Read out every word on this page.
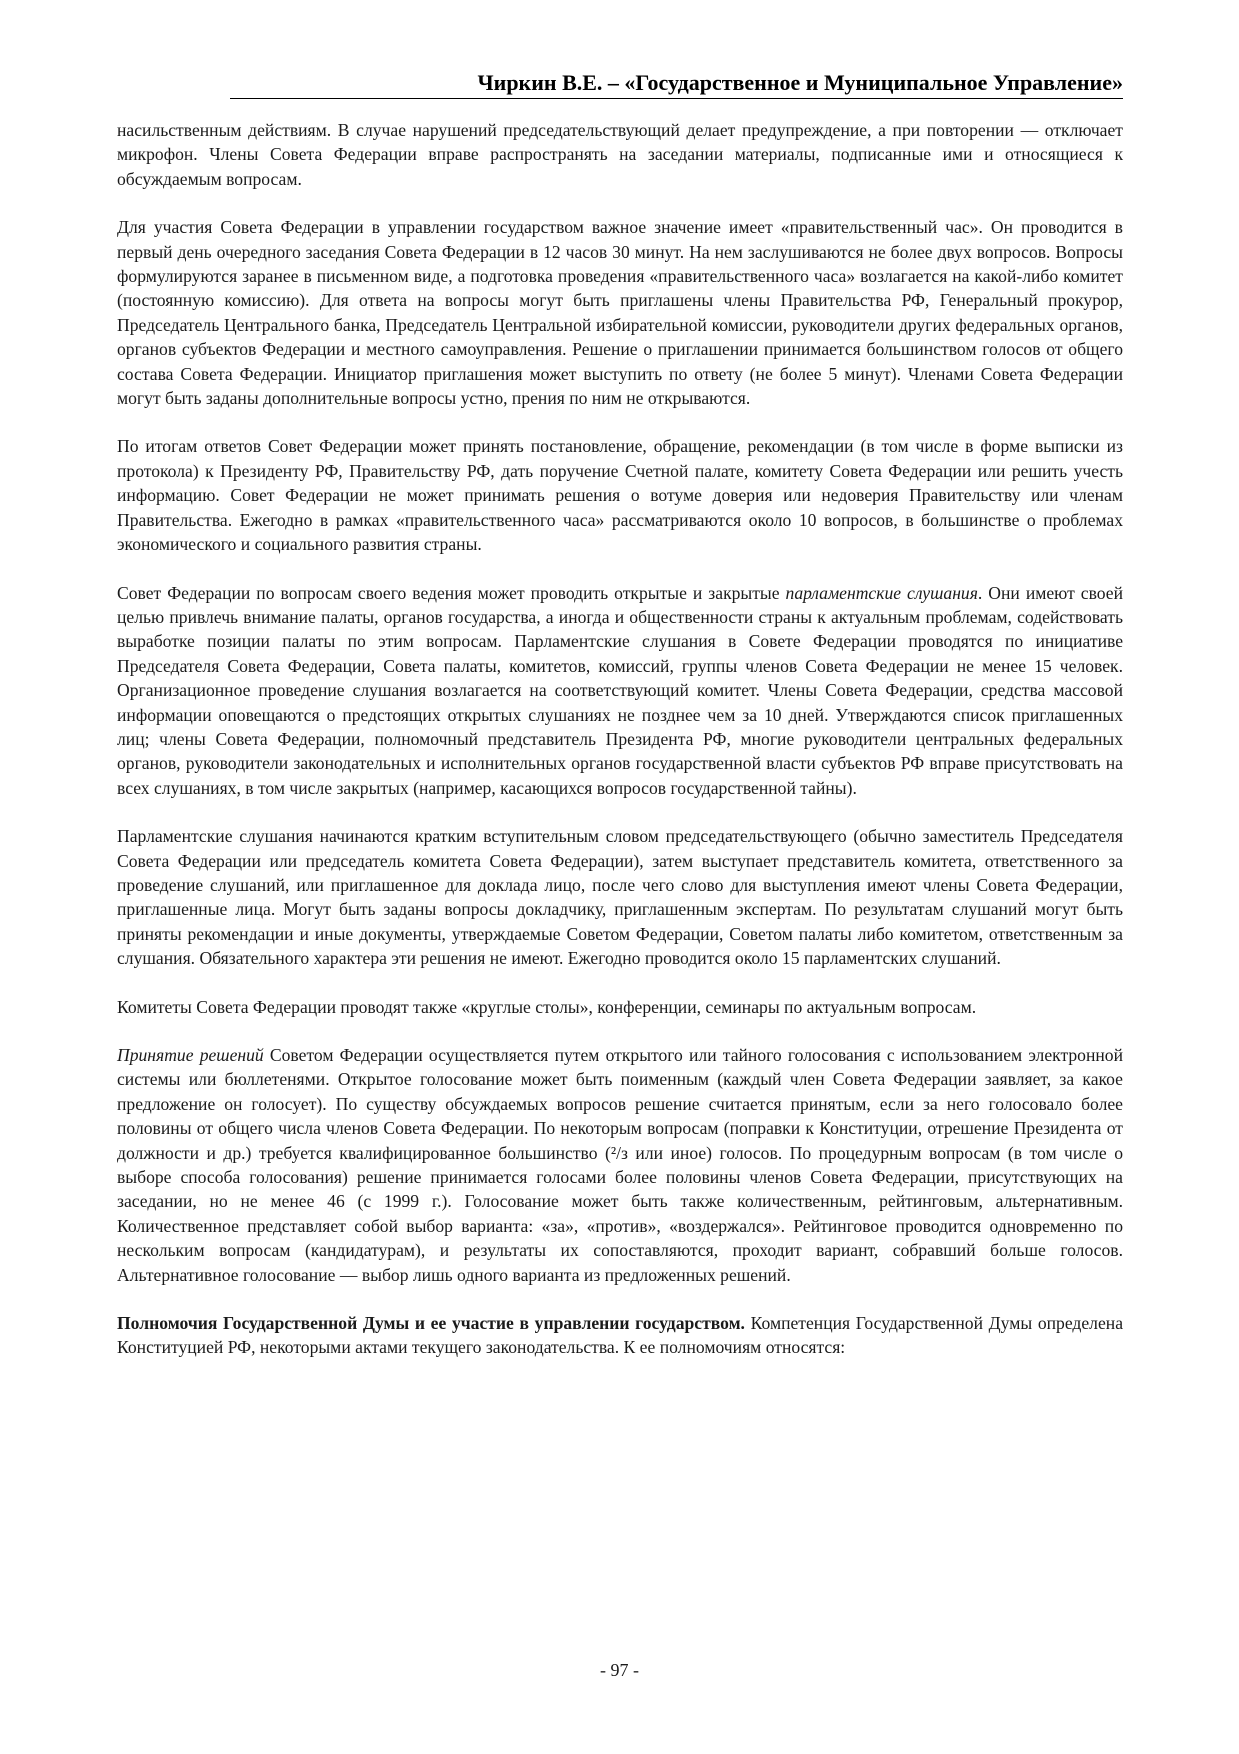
Чиркин В.Е. – «Государственное и Муниципальное Управление»

насильственным действиям. В случае нарушений председательствующий делает предупреждение, а при повторении — отключает микрофон. Члены Совета Федерации вправе распространять на заседании материалы, подписанные ими и относящиеся к обсуждаемым вопросам.

Для участия Совета Федерации в управлении государством важное значение имеет «правительственный час». Он проводится в первый день очередного заседания Совета Федерации в 12 часов 30 минут. На нем заслушиваются не более двух вопросов. Вопросы формулируются заранее в письменном виде, а подготовка проведения «правительственного часа» возлагается на какой-либо комитет (постоянную комиссию). Для ответа на вопросы могут быть приглашены члены Правительства РФ, Генеральный прокурор, Председатель Центрального банка, Председатель Центральной избирательной комиссии, руководители других федеральных органов, органов субъектов Федерации и местного самоуправления. Решение о приглашении принимается большинством голосов от общего состава Совета Федерации. Инициатор приглашения может выступить по ответу (не более 5 минут). Членами Совета Федерации могут быть заданы дополнительные вопросы устно, прения по ним не открываются.

По итогам ответов Совет Федерации может принять постановление, обращение, рекомендации (в том числе в форме выписки из протокола) к Президенту РФ, Правительству РФ, дать поручение Счетной палате, комитету Совета Федерации или решить учесть информацию. Совет Федерации не может принимать решения о вотуме доверия или недоверия Правительству или членам Правительства. Ежегодно в рамках «правительственного часа» рассматриваются около 10 вопросов, в большинстве о проблемах экономического и социального развития страны.

Совет Федерации по вопросам своего ведения может проводить открытые и закрытые парламентские слушания. Они имеют своей целью привлечь внимание палаты, органов государства, а иногда и общественности страны к актуальным проблемам, содействовать выработке позиции палаты по этим вопросам. Парламентские слушания в Совете Федерации проводятся по инициативе Председателя Совета Федерации, Совета палаты, комитетов, комиссий, группы членов Совета Федерации не менее 15 человек. Организационное проведение слушания возлагается на соответствующий комитет. Члены Совета Федерации, средства массовой информации оповещаются о предстоящих открытых слушаниях не позднее чем за 10 дней. Утверждаются список приглашенных лиц; члены Совета Федерации, полномочный представитель Президента РФ, многие руководители центральных федеральных органов, руководители законодательных и исполнительных органов государственной власти субъектов РФ вправе присутствовать на всех слушаниях, в том числе закрытых (например, касающихся вопросов государственной тайны).

Парламентские слушания начинаются кратким вступительным словом председательствующего (обычно заместитель Председателя Совета Федерации или председатель комитета Совета Федерации), затем выступает представитель комитета, ответственного за проведение слушаний, или приглашенное для доклада лицо, после чего слово для выступления имеют члены Совета Федерации, приглашенные лица. Могут быть заданы вопросы докладчику, приглашенным экспертам. По результатам слушаний могут быть приняты рекомендации и иные документы, утверждаемые Советом Федерации, Советом палаты либо комитетом, ответственным за слушания. Обязательного характера эти решения не имеют. Ежегодно проводится около 15 парламентских слушаний.

Комитеты Совета Федерации проводят также «круглые столы», конференции, семинары по актуальным вопросам.

Принятие решений Советом Федерации осуществляется путем открытого или тайного голосования с использованием электронной системы или бюллетенями. Открытое голосование может быть поименным (каждый член Совета Федерации заявляет, за какое предложение он голосует). По существу обсуждаемых вопросов решение считается принятым, если за него голосовало более половины от общего числа членов Совета Федерации. По некоторым вопросам (поправки к Конституции, отрешение Президента от должности и др.) требуется квалифицированное большинство (²/з или иное) голосов. По процедурным вопросам (в том числе о выборе способа голосования) решение принимается голосами более половины членов Совета Федерации, присутствующих на заседании, но не менее 46 (с 1999 г.). Голосование может быть также количественным, рейтинговым, альтернативным. Количественное представляет собой выбор варианта: «за», «против», «воздержался». Рейтинговое проводится одновременно по нескольким вопросам (кандидатурам), и результаты их сопоставляются, проходит вариант, собравший больше голосов. Альтернативное голосование — выбор лишь одного варианта из предложенных решений.

Полномочия Государственной Думы и ее участие в управлении государством. Компетенция Государственной Думы определена Конституцией РФ, некоторыми актами текущего законодательства. К ее полномочиям относятся:

- 97 -
